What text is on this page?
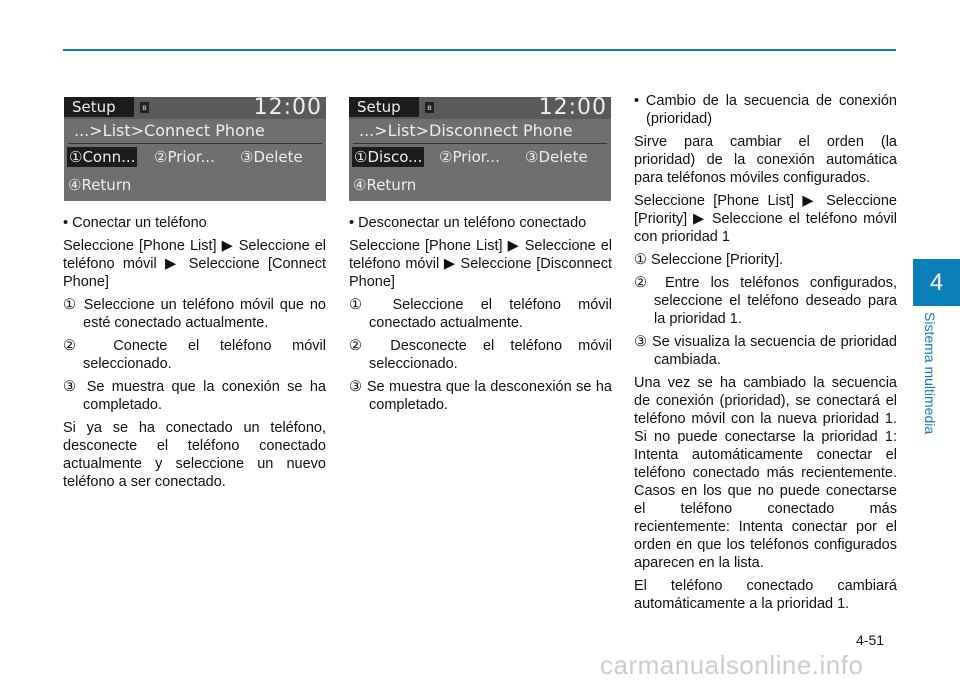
Setup	ʙ	12:00
...>List>Connect Phone
①Conn... ②Prior... ③Delete
④Return
Setup	ʙ	12:00
...>List>Disconnect Phone
①Disco... ②Prior... ③Delete
④Return

• Conectar un teléfono

Seleccione [Phone List] ▶ Seleccione el teléfono móvil ▶ Seleccione [Connect Phone]

① Seleccione un teléfono móvil que no esté conectado actualmente.

② Conecte el teléfono móvil seleccionado.

③ Se muestra que la conexión se ha completado.

Si ya se ha conectado un teléfono, desconecte el teléfono conectado actualmente y seleccione un nuevo teléfono a ser conectado.

• Desconectar un teléfono conectado

Seleccione [Phone List] ▶ Seleccione el teléfono móvil ▶ Seleccione [Disconnect Phone]

① Seleccione el teléfono móvil conectado actualmente.

② Desconecte el teléfono móvil seleccionado.

③ Se muestra que la desconexión se ha completado.

• Cambio de la secuencia de conexión (prioridad)

Sirve para cambiar el orden (la prioridad) de la conexión automática para teléfonos móviles configurados.

Seleccione [Phone List] ▶ Seleccione [Priority] ▶ Seleccione el teléfono móvil con prioridad 1

① Seleccione [Priority].

② Entre los teléfonos configurados, seleccione el teléfono deseado para la prioridad 1.

③ Se visualiza la secuencia de prioridad cambiada.

Una vez se ha cambiado la secuencia de conexión (prioridad), se conectará el teléfono móvil con la nueva prioridad 1. Si no puede conectarse la prioridad 1: Intenta automáticamente conectar el teléfono conectado más recientemente. Casos en los que no puede conectarse el teléfono conectado más recientemente: Intenta conectar por el orden en que los teléfonos configurados aparecen en la lista.

El teléfono conectado cambiará automáticamente a la prioridad 1.

4
Sistema multimedia
4-51
carmanualsonline.info
